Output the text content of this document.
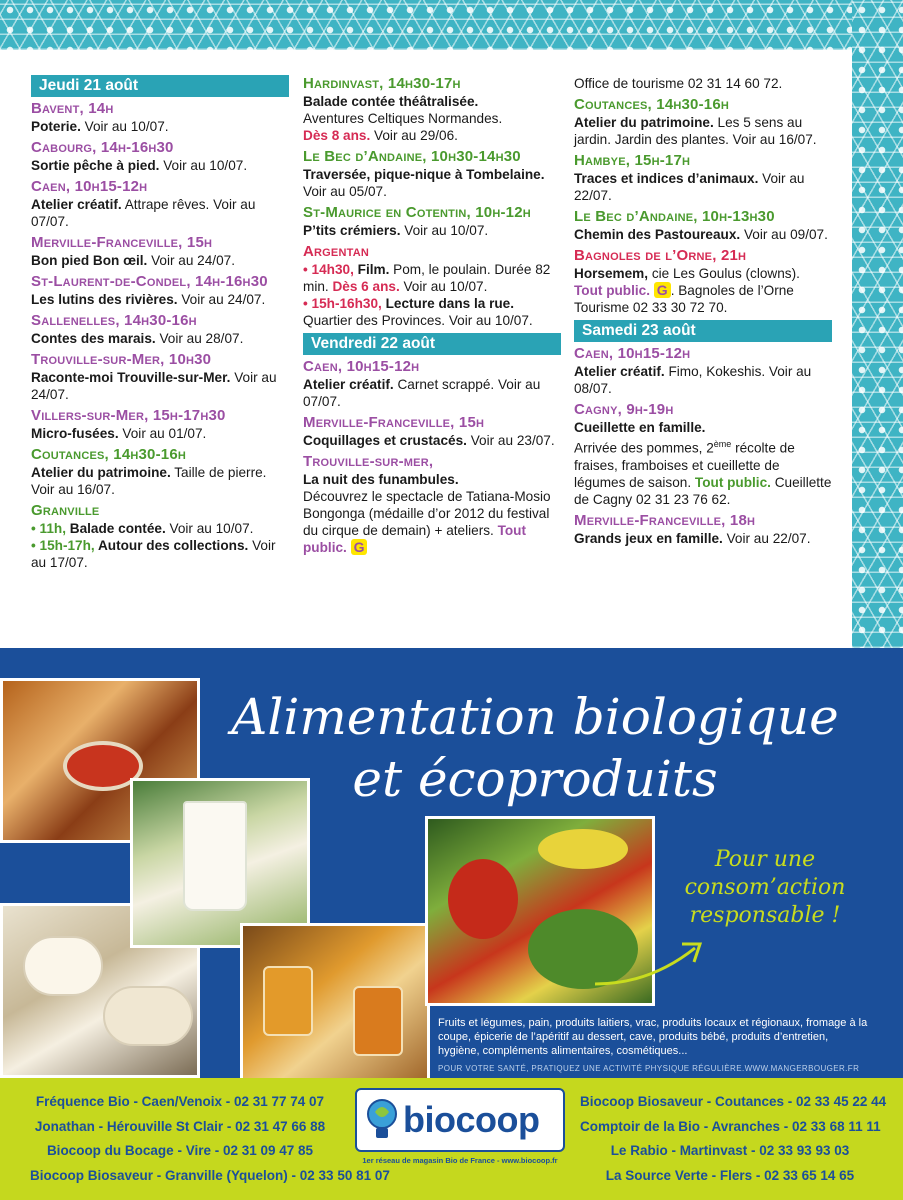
Jeudi 21 août
Bavent, 14h
Poterie. Voir au 10/07.
Cabourg, 14h-16h30
Sortie pêche à pied. Voir au 10/07.
Caen, 10h15-12h
Atelier créatif. Attrape rêves. Voir au 07/07.
Merville-Franceville, 15h
Bon pied Bon œil. Voir au 24/07.
St-Laurent-de-Condel, 14h-16h30
Les lutins des rivières. Voir au 24/07.
Sallenelles, 14h30-16h
Contes des marais. Voir au 28/07.
Trouville-sur-Mer, 10h30
Raconte-moi Trouville-sur-Mer. Voir au 24/07.
Villers-sur-Mer, 15h-17h30
Micro-fusées. Voir au 01/07.
Coutances, 14h30-16h
Atelier du patrimoine. Taille de pierre. Voir au 16/07.
Granville
• 11h, Balade contée. Voir au 10/07.
• 15h-17h, Autour des collections. Voir au 17/07.
Hardinvast, 14h30-17h
Balade contée théâtralisée.
Aventures Celtiques Normandes.
Dès 8 ans. Voir au 29/06.
Le Bec d’Andaine, 10h30-14h30
Traversée, pique-nique à Tombelaine. Voir au 05/07.
St-Maurice en Cotentin, 10h-12h
P’tits crémiers. Voir au 10/07.
Argentan
• 14h30, Film. Pom, le poulain. Durée 82 min. Dès 6 ans. Voir au 10/07.
• 15h-16h30, Lecture dans la rue. Quartier des Provinces. Voir au 10/07.
Vendredi 22 août
Caen, 10h15-12h
Atelier créatif. Carnet scrappé. Voir au 07/07.
Merville-Franceville, 15h
Coquillages et crustacés. Voir au 23/07.
Trouville-sur-mer,
La nuit des funambules.
Découvrez le spectacle de Tatiana-Mosio Bongonga (médaille d’or 2012 du festival du cirque de demain) + ateliers. Tout public. G
Office de tourisme 02 31 14 60 72.
Coutances, 14h30-16h
Atelier du patrimoine. Les 5 sens au jardin. Jardin des plantes. Voir au 16/07.
Hambye, 15h-17h
Traces et indices d’animaux. Voir au 22/07.
Le Bec d’Andaine, 10h-13h30
Chemin des Pastoureaux. Voir au 09/07.
Bagnoles de l’Orne, 21h
Horsemem, cie Les Goulus (clowns).
Tout public. G . Bagnoles de l’Orne Tourisme 02 33 30 72 70.
Samedi 23 août
Caen, 10h15-12h
Atelier créatif. Fimo, Kokeshis. Voir au 08/07.
Cagny, 9h-19h
Cueillette en famille.
Arrivée des pommes, 2ème récolte de fraises, framboises et cueillette de légumes de saison. Tout public. Cueillette de Cagny 02 31 23 76 62.
Merville-Franceville, 18h
Grands jeux en famille. Voir au 22/07.
Alimentation biologique
et écoproduits
Pour une
consom’action
responsable !
Fruits et légumes, pain, produits laitiers, vrac, produits locaux et régionaux, fromage à la coupe, épicerie de l’apéritif au dessert, cave, produits bébé, produits d’entretien, hygiène, compléments alimentaires, cosmétiques...
POUR VOTRE SANTÉ, PRATIQUEZ UNE ACTIVITÉ PHYSIQUE RÉGULIÈRE.WWW.MANGERBOUGER.FR
Fréquence Bio - Caen/Venoix - 02 31 77 74 07
Jonathan - Hérouville St Clair - 02 31 47 66 88
Biocoop du Bocage - Vire - 02 31 09 47 85
Biocoop Biosaveur - Granville (Yquelon) - 02 33 50 81 07
biocoop
1er réseau de magasin Bio de France - www.biocoop.fr
Biocoop Biosaveur - Coutances - 02 33 45 22 44
Comptoir de la Bio - Avranches - 02 33 68 11 11
Le Rabio - Martinvast - 02 33 93 93 03
La Source Verte - Flers - 02 33 65 14 65
